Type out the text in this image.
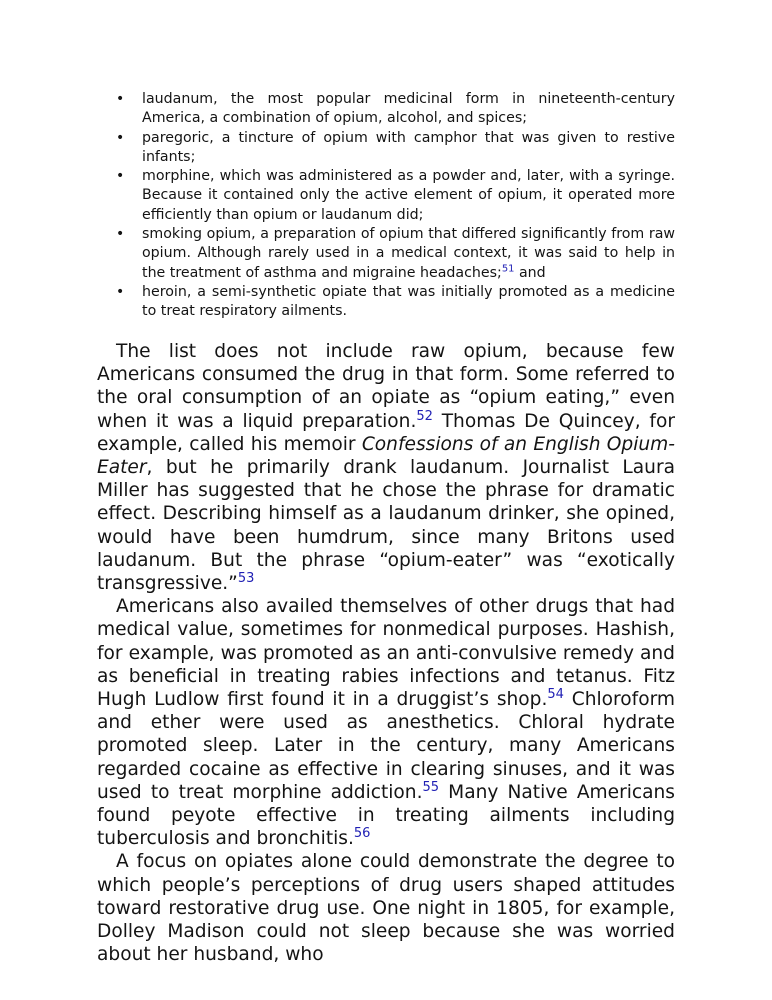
• laudanum, the most popular medicinal form in nineteenth-century America, a combination of opium, alcohol, and spices;
• paregoric, a tincture of opium with camphor that was given to restive infants;
• morphine, which was administered as a powder and, later, with a syringe. Because it contained only the active element of opium, it operated more efficiently than opium or laudanum did;
• smoking opium, a preparation of opium that differed significantly from raw opium. Although rarely used in a medical context, it was said to help in the treatment of asthma and migraine headaches;$^{51}$ and
• heroin, a semi-synthetic opiate that was initially promoted as a medicine to treat respiratory ailments.

The list does not include raw opium, because few Americans consumed the drug in that form. Some referred to the oral consumption of an opiate as “opium eating,” even when it was a liquid preparation.$^{52}$ Thomas De Quincey, for example, called his memoir Confessions of an English Opium-Eater, but he primarily drank laudanum. Journalist Laura Miller has suggested that he chose the phrase for dramatic effect. Describing himself as a laudanum drinker, she opined, would have been humdrum, since many Britons used laudanum. But the phrase “opium-eater” was “exotically transgressive.”$^{53}$

Americans also availed themselves of other drugs that had medical value, sometimes for nonmedical purposes. Hashish, for example, was promoted as an anti-convulsive remedy and as beneficial in treating rabies infections and tetanus. Fitz Hugh Ludlow first found it in a druggist’s shop.$^{54}$ Chloroform and ether were used as anesthetics. Chloral hydrate promoted sleep. Later in the century, many Americans regarded cocaine as effective in clearing sinuses, and it was used to treat morphine addiction.$^{55}$ Many Native Americans found peyote effective in treating ailments including tuberculosis and bronchitis.$^{56}$

A focus on opiates alone could demonstrate the degree to which people’s perceptions of drug users shaped attitudes toward restorative drug use. One night in 1805, for example, Dolley Madison could not sleep because she was worried about her husband, who
